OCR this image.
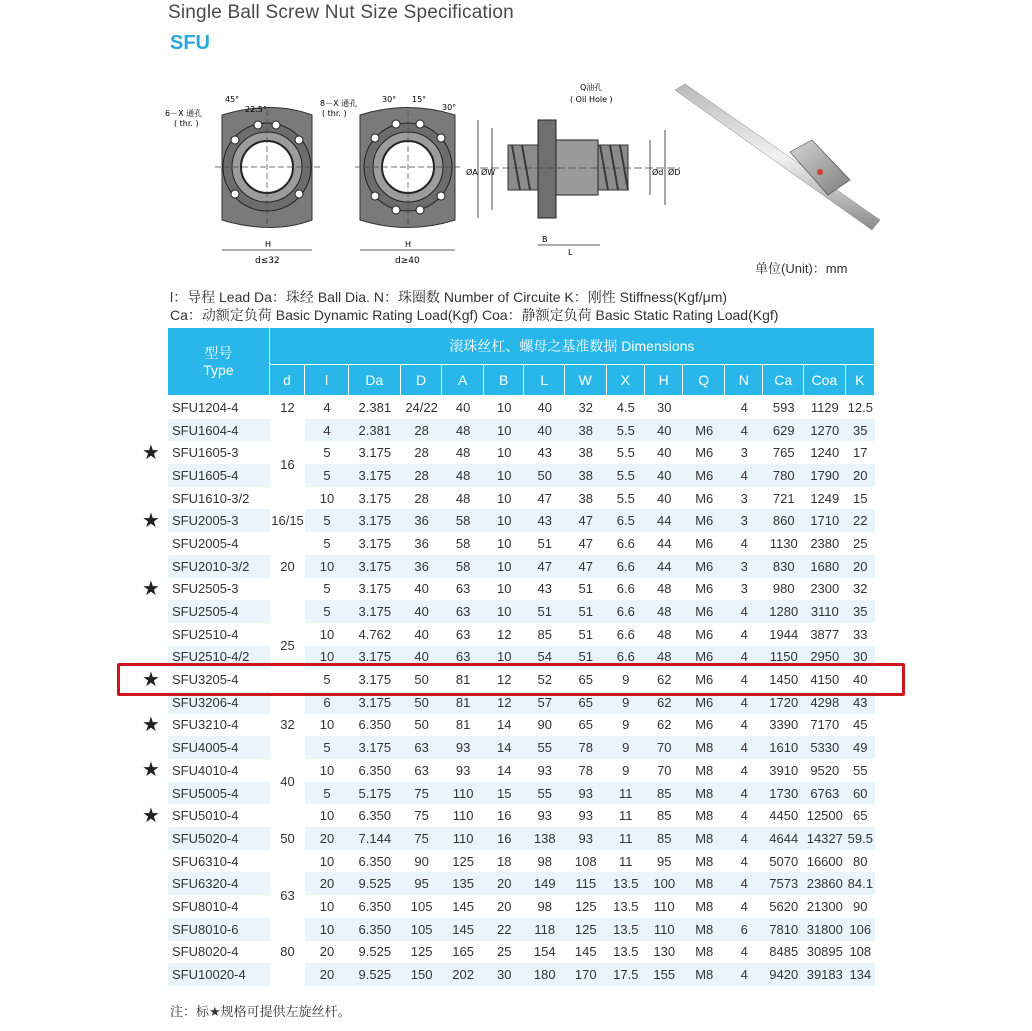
Single Ball Screw Nut Size Specification
SFU
6－X 通孔
( thr. )
45°
22.5°
H
d≤32
8－X 通孔
( thr. )
30° 15°
30°
H
d≥40
Q油孔
( Oil Hole )
ØA ØW	Ød ØD
B
L
单位(Unit)：mm
l：导程 Lead Da：珠经 Ball Dia. N：珠圈数 Number of Circuite K：刚性 Stiffness(Kgf/μm)
Ca：动额定负荷 Basic Dynamic Rating Load(Kgf) Coa：静额定负荷 Basic Static Rating Load(Kgf)
型号
Type	滚珠丝杠、螺母之基准数据 Dimensions														
	d	l	Da	D	A	B	L	W	X	H	Q	N	Ca	Coa	K
SFU1204-4	12	4	2.381	24/22	40	10	40	32	4.5	30		4	593	1129	12.5
SFU1604-4	16	4	2.381	28	48	10	40	38	5.5	40	M6	4	629	1270	35
SFU1605-3		5	3.175	28	48	10	43	38	5.5	40	M6	3	765	1240	17
SFU1605-4		5	3.175	28	48	10	50	38	5.5	40	M6	4	780	1790	20
SFU1610-3/2		10	3.175	28	48	10	47	38	5.5	40	M6	3	721	1249	15
SFU2005-3	16/15	5	3.175	36	58	10	43	47	6.5	44	M6	3	860	1710	22
SFU2005-4	20	5	3.175	36	58	10	51	47	6.6	44	M6	4	1130	2380	25
SFU2010-3/2		10	3.175	36	58	10	47	47	6.6	44	M6	3	830	1680	20
SFU2505-3		5	3.175	40	63	10	43	51	6.6	48	M6	3	980	2300	32
SFU2505-4	25	5	3.175	40	63	10	51	51	6.6	48	M6	4	1280	3110	35
SFU2510-4		10	4.762	40	63	12	85	51	6.6	48	M6	4	1944	3877	33
SFU2510-4/2		10	3.175	40	63	10	54	51	6.6	48	M6	4	1150	2950	30
SFU3205-4		5	3.175	50	81	12	52	65	9	62	M6	4	1450	4150	40
SFU3206-4	32	6	3.175	50	81	12	57	65	9	62	M6	4	1720	4298	43
SFU3210-4		10	6.350	50	81	14	90	65	9	62	M6	4	3390	7170	45
SFU4005-4		5	3.175	63	93	14	55	78	9	70	M8	4	1610	5330	49
SFU4010-4	40	10	6.350	63	93	14	93	78	9	70	M8	4	3910	9520	55
SFU5005-4		5	5.175	75	110	15	55	93	11	85	M8	4	1730	6763	60
SFU5010-4	50	10	6.350	75	110	16	93	93	11	85	M8	4	4450	12500	65
SFU5020-4		20	7.144	75	110	16	138	93	11	85	M8	4	4644	14327	59.5
SFU6310-4		10	6.350	90	125	18	98	108	11	95	M8	4	5070	16600	80
SFU6320-4	63	20	9.525	95	135	20	149	115	13.5	100	M8	4	7573	23860	84.1
SFU8010-4		10	6.350	105	145	20	98	125	13.5	110	M8	4	5620	21300	90
SFU8010-6	80	10	6.350	105	145	22	118	125	13.5	110	M8	6	7810	31800	106
SFU8020-4		20	9.525	125	165	25	154	145	13.5	130	M8	4	8485	30895	108
SFU10020-4		20	9.525	150	202	30	180	170	17.5	155	M8	4	9420	39183	134
★
★
★
★
★
★
★
注：标★规格可提供左旋丝杆。
